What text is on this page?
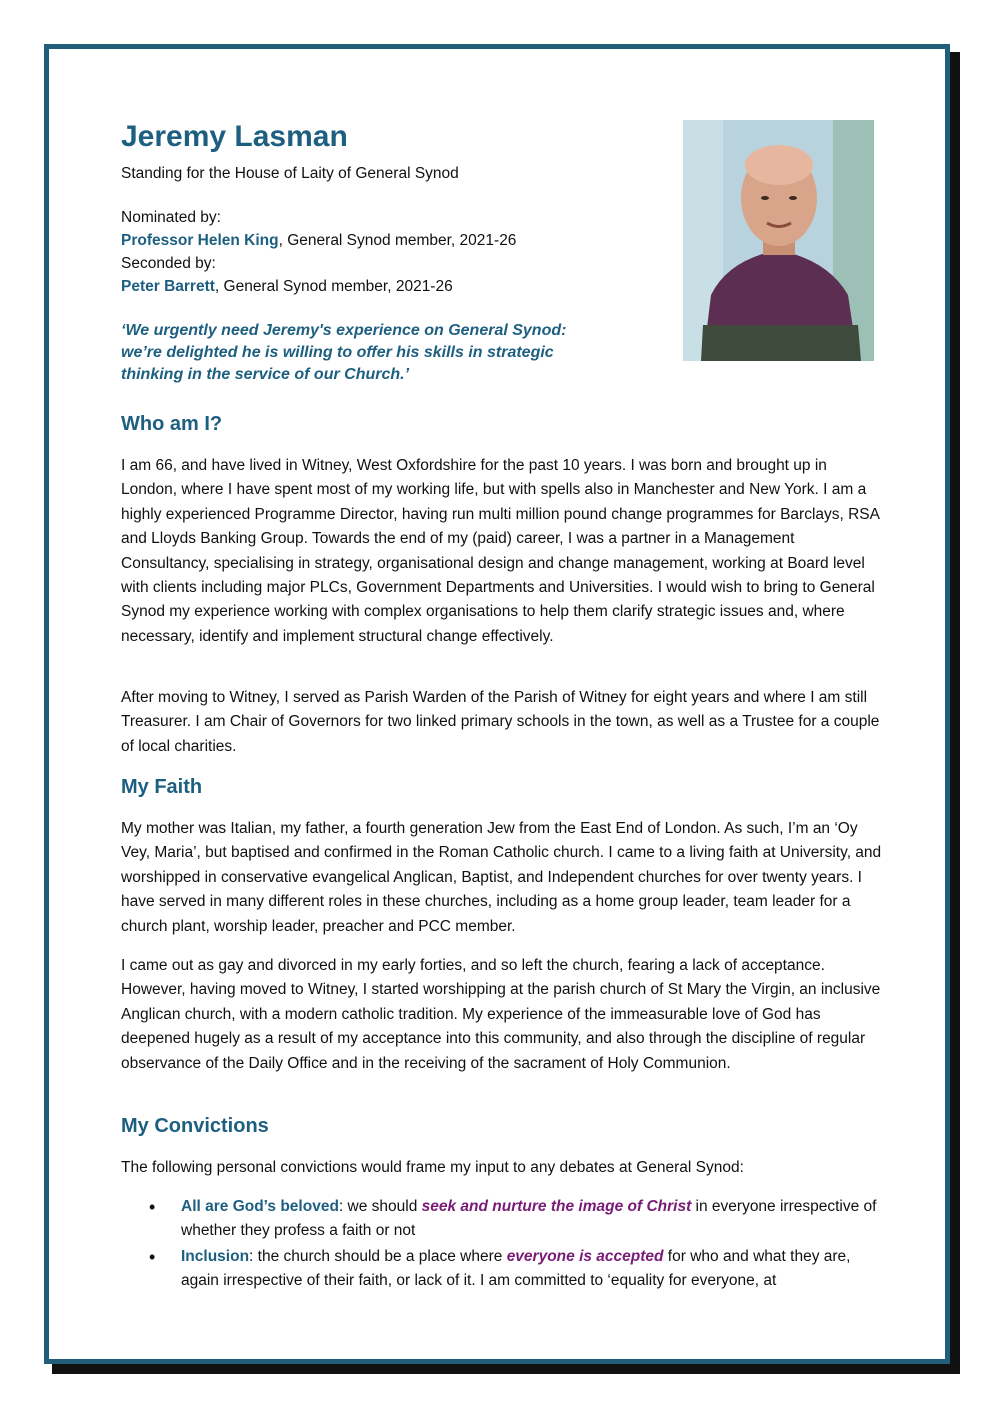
Jeremy Lasman

Standing for the House of Laity of General Synod

Nominated by:

Professor Helen King, General Synod member, 2021-26

Seconded by:

Peter Barrett, General Synod member, 2021-26

‘We urgently need Jeremy's experience on General Synod: we’re delighted he is willing to offer his skills in strategic thinking in the service of our Church.’

Who am I?

I am 66, and have lived in Witney, West Oxfordshire for the past 10 years. I was born and brought up in London, where I have spent most of my working life, but with spells also in Manchester and New York. I am a highly experienced Programme Director, having run multi million pound change programmes for Barclays, RSA and Lloyds Banking Group. Towards the end of my (paid) career, I was a partner in a Management Consultancy, specialising in strategy, organisational design and change management, working at Board level with clients including major PLCs, Government Departments and Universities. I would wish to bring to General Synod my experience working with complex organisations to help them clarify strategic issues and, where necessary, identify and implement structural change effectively.

After moving to Witney, I served as Parish Warden of the Parish of Witney for eight years and where I am still Treasurer. I am Chair of Governors for two linked primary schools in the town, as well as a Trustee for a couple of local charities.

My Faith

My mother was Italian, my father, a fourth generation Jew from the East End of London. As such, I’m an ‘Oy Vey, Maria’, but baptised and confirmed in the Roman Catholic church. I came to a living faith at University, and worshipped in conservative evangelical Anglican, Baptist, and Independent churches for over twenty years. I have served in many different roles in these churches, including as a home group leader, team leader for a church plant, worship leader, preacher and PCC member.

I came out as gay and divorced in my early forties, and so left the church, fearing a lack of acceptance. However, having moved to Witney, I started worshipping at the parish church of St Mary the Virgin, an inclusive Anglican church, with a modern catholic tradition. My experience of the immeasurable love of God has deepened hugely as a result of my acceptance into this community, and also through the discipline of regular observance of the Daily Office and in the receiving of the sacrament of Holy Communion.

My Convictions

The following personal convictions would frame my input to any debates at General Synod:

• All are God’s beloved: we should seek and nurture the image of Christ in everyone irrespective of whether they profess a faith or not
• Inclusion: the church should be a place where everyone is accepted for who and what they are, again irrespective of their faith, or lack of it. I am committed to ‘equality for everyone, at
